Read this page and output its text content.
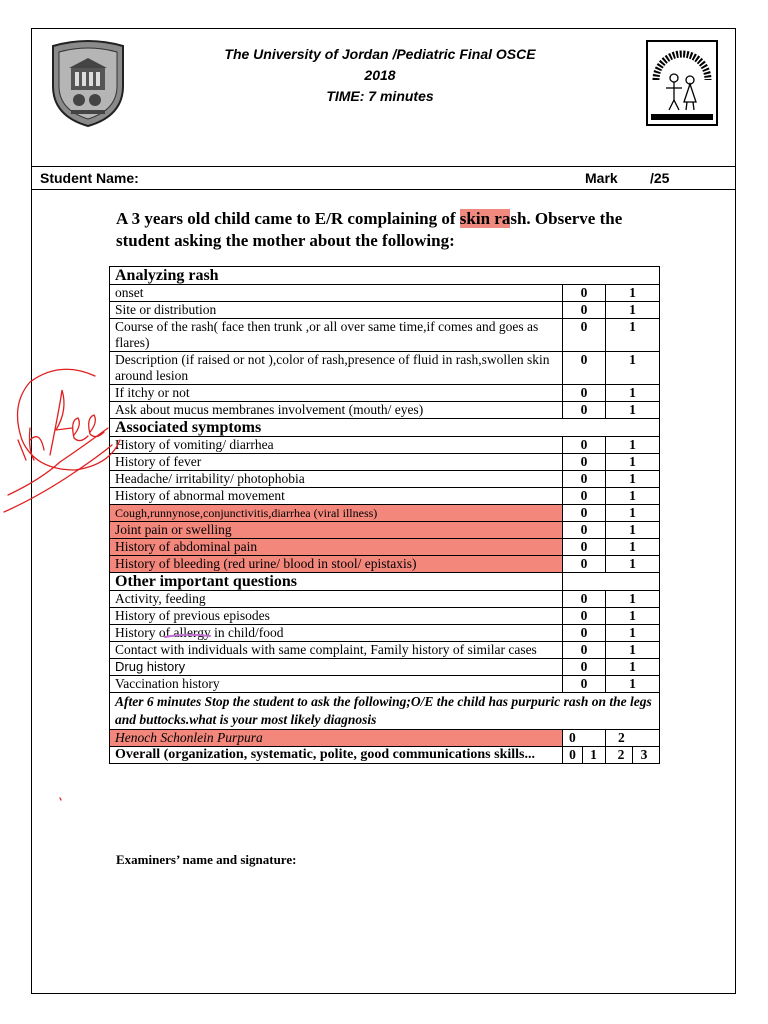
The University of Jordan /Pediatric Final OSCE
2018
TIME: 7 minutes
Student Name:	Mark /25
A 3 years old child came to E/R complaining of skin rash. Observe the student asking the mother about the following:
Analyzing rash		
onset	0	1
Site or distribution	0	1
Course of the rash( face then trunk ,or all over same time,if comes and goes as flares)	0	1
Description (if raised or not ),color of rash,presence of fluid in rash,swollen skin around lesion	0	1
If itchy or not	0	1
Ask about mucus membranes involvement (mouth/ eyes)	0	1
Associated symptoms		
History of vomiting/ diarrhea	0	1
History of fever	0	1
Headache/ irritability/ photophobia	0	1
History of abnormal movement	0	1
Cough,runnynose,conjunctivitis,diarrhea (viral illness)	0	1
Joint pain or swelling	0	1
History of abdominal pain	0	1
History of bleeding (red urine/ blood in stool/ epistaxis)	0	1
Other important questions		
Activity, feeding	0	1
History of previous episodes	0	1
History of allergy in child/food	0	1
Contact with individuals with same complaint, Family history of similar cases	0	1
Drug history	0	1
Vaccination history	0	1
After 6 minutes Stop the student to ask the following;O/E the child has purpuric rash on the legs and buttocks.what is your most likely diagnosis		
Henoch Schonlein Purpura	0	2
Overall (organization, systematic, polite, good communications skills...	0 1	2 3
Examiners’ name and signature:
in fee
